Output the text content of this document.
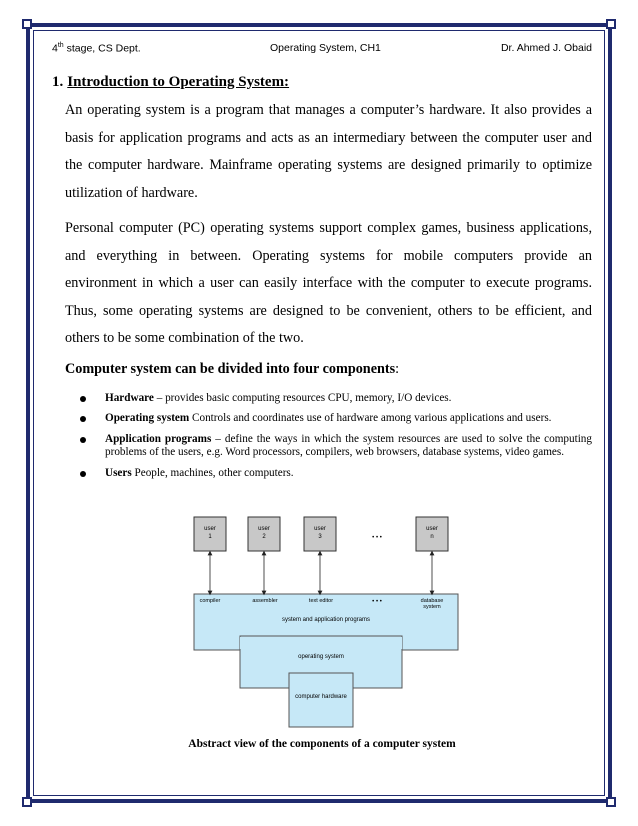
4th stage, CS Dept.	Operating System, CH1	Dr. Ahmed J. Obaid
1. Introduction to Operating System:

An operating system is a program that manages a computer’s hardware. It also provides a basis for application programs and acts as an intermediary between the computer user and the computer hardware. Mainframe operating systems are designed primarily to optimize utilization of hardware.

Personal computer (PC) operating systems support complex games, business applications, and everything in between. Operating systems for mobile computers provide an environment in which a user can easily interface with the computer to execute programs. Thus, some operating systems are designed to be convenient, others to be efficient, and others to be some combination of the two.

Computer system can be divided into four components:

Hardware – provides basic computing resources CPU, memory, I/O devices.
Operating system Controls and coordinates use of hardware among various applications and users.
Application programs – define the ways in which the system resources are used to solve the computing problems of the users, e.g. Word processors, compilers, web browsers, database systems, video games.
Users People, machines, other computers.
user
1
user
2
user
3	• • •
user
n
compiler	assembler	text editor	• • •	database
system
system and application programs
operating system
computer hardware
Abstract view of the components of a computer system
